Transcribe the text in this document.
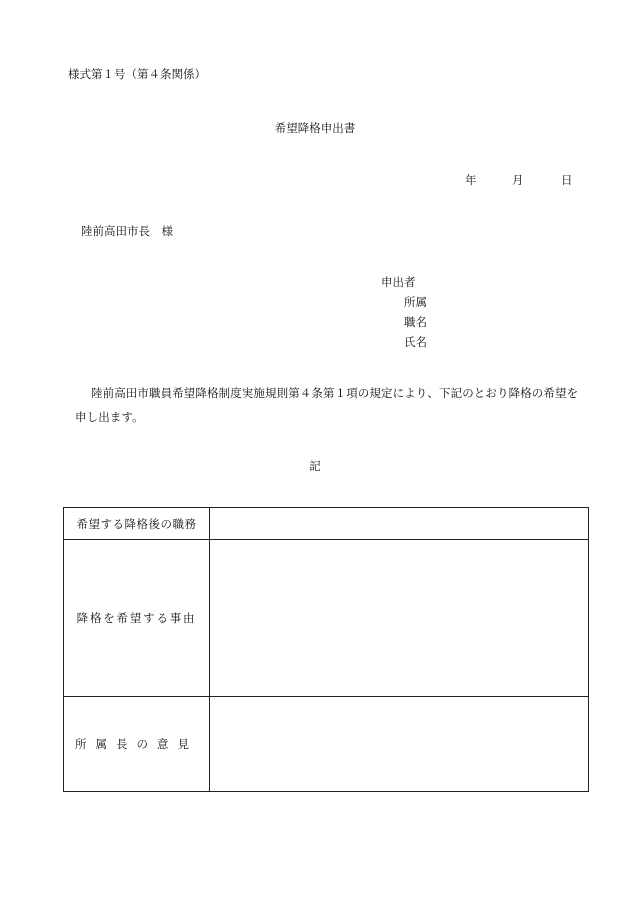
様式第１号（第４条関係）
希望降格申出書
年	月	日
陸前高田市長　様
申出者
所属
職名
氏名
陸前高田市職員希望降格制度実施規則第４条第１項の規定により、下記のとおり降格の希望を申し出ます。
記
希望する降格後の職務	
降格を希望する事由	
所属長の意見	
